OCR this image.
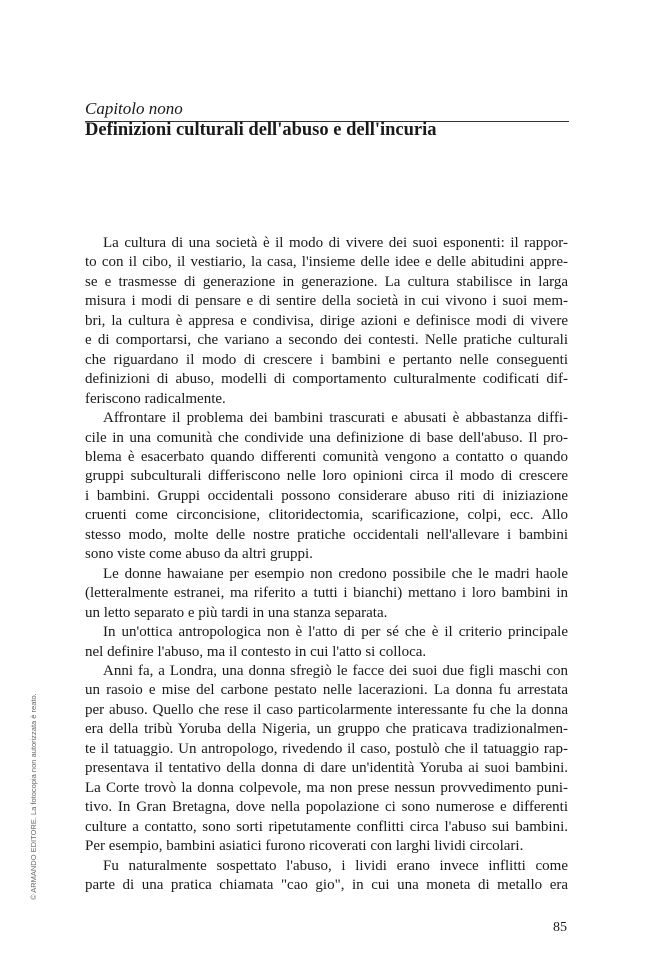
Capitolo nono
Definizioni culturali dell'abuso e dell'incuria
La cultura di una società è il modo di vivere dei suoi esponenti: il rappor-
to con il cibo, il vestiario, la casa, l'insieme delle idee e delle abitudini appre-
se e trasmesse di generazione in generazione. La cultura stabilisce in larga
misura i modi di pensare e di sentire della società in cui vivono i suoi mem-
bri, la cultura è appresa e condivisa, dirige azioni e definisce modi di vivere
e di comportarsi, che variano a secondo dei contesti. Nelle pratiche culturali
che riguardano il modo di crescere i bambini e pertanto nelle conseguenti
definizioni di abuso, modelli di comportamento culturalmente codificati dif-
feriscono radicalmente.
Affrontare il problema dei bambini trascurati e abusati è abbastanza diffi-
cile in una comunità che condivide una definizione di base dell'abuso. Il pro-
blema è esacerbato quando differenti comunità vengono a contatto o quando
gruppi subculturali differiscono nelle loro opinioni circa il modo di crescere
i bambini. Gruppi occidentali possono considerare abuso riti di iniziazione
cruenti come circoncisione, clitoridectomia, scarificazione, colpi, ecc. Allo
stesso modo, molte delle nostre pratiche occidentali nell'allevare i bambini
sono viste come abuso da altri gruppi.
Le donne hawaiane per esempio non credono possibile che le madri haole
(letteralmente estranei, ma riferito a tutti i bianchi) mettano i loro bambini in
un letto separato e più tardi in una stanza separata.
In un'ottica antropologica non è l'atto di per sé che è il criterio principale
nel definire l'abuso, ma il contesto in cui l'atto si colloca.
Anni fa, a Londra, una donna sfregiò le facce dei suoi due figli maschi con
un rasoio e mise del carbone pestato nelle lacerazioni. La donna fu arrestata
per abuso. Quello che rese il caso particolarmente interessante fu che la donna
era della tribù Yoruba della Nigeria, un gruppo che praticava tradizionalmen-
te il tatuaggio. Un antropologo, rivedendo il caso, postulò che il tatuaggio rap-
presentava il tentativo della donna di dare un'identità Yoruba ai suoi bambini.
La Corte trovò la donna colpevole, ma non prese nessun provvedimento puni-
tivo. In Gran Bretagna, dove nella popolazione ci sono numerose e differenti
culture a contatto, sono sorti ripetutamente conflitti circa l'abuso sui bambini.
Per esempio, bambini asiatici furono ricoverati con larghi lividi circolari.
Fu naturalmente sospettato l'abuso, i lividi erano invece inflitti come
parte di una pratica chiamata "cao gio", in cui una moneta di metallo era
© ARMANDO EDITORE. La fotocopia non autorizzata è reato.
85
